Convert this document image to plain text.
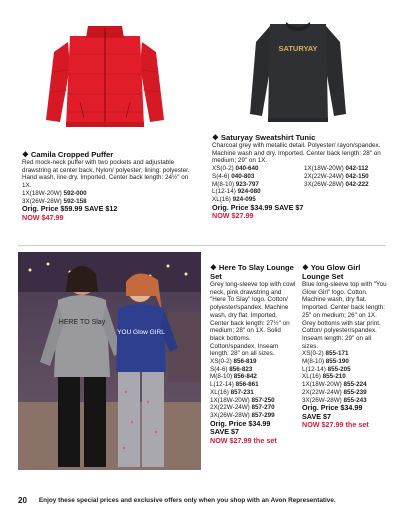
SATURYAY
❖ Camila Cropped Puffer
Red mock-neck puffer with two pockets and adjustable drawstring at center back. Nylon/ polyester; lining: polyester. Hand wash, line dry. Imported. Center back length: 24½" on 1X.
1X(18W-20W) 592-000
3X(26W-28W) 592-158
Orig. Price $59.99 SAVE $12
NOW $47.99
❖ Saturyay Sweatshirt Tunic
Charcoal grey with metallic detail. Polyester/ rayon/spandex. Machine wash and dry. Imported. Center back length: 28" on medium; 29" on 1X.
XS(0-2) 040-640
S(4-6) 040-803
M(8-10) 923-797
L(12-14) 924-080
XL(16) 924-095
1X(18W-20W) 042-112
2X(22W-24W) 042-150
3X(26W-28W) 042-222
Orig. Price $34.99 SAVE $7
NOW $27.99
HERE TO Slay
YOU Glow GIRL
❖ Here To Slay Lounge Set
Grey long-sleeve top with cowl neck, pink drawstring and "Here To Slay" logo. Cotton/ polyester/spandex. Machine wash, dry flat. Imported. Center back length: 27½" on medium; 28" on 1X. Solid black bottoms. Cotton/spandex. Inseam length: 28" on all sizes.
XS(0-2) 856-819
S(4-6) 856-823
M(8-10) 856-842
L(12-14) 856-861
XL(16) 857-231
1X(18W-20W) 857-250
2X(22W-24W) 857-270
3X(26W-28W) 857-299
Orig. Price $34.99
SAVE $7
NOW $27.99 the set
❖ You Glow Girl Lounge Set
Blue long-sleeve top with "You Glow Girl" logo. Cotton. Machine wash, dry flat. Imported. Center back length: 25" on medium; 26" on 1X. Grey bottoms with star print. Cotton/ polyester/spandex. Inseam length: 29" on all sizes.
XS(0-2) 855-171
M(8-10) 855-190
L(12-14) 855-205
XL(16) 855-210
1X(18W-20W) 855-224
2X(22W-24W) 855-239
3X(26W-28W) 855-243
Orig. Price $34.99
SAVE $7
NOW $27.99 the set
20 Enjoy these special prices and exclusive offers only when you shop with an Avon Representative.
